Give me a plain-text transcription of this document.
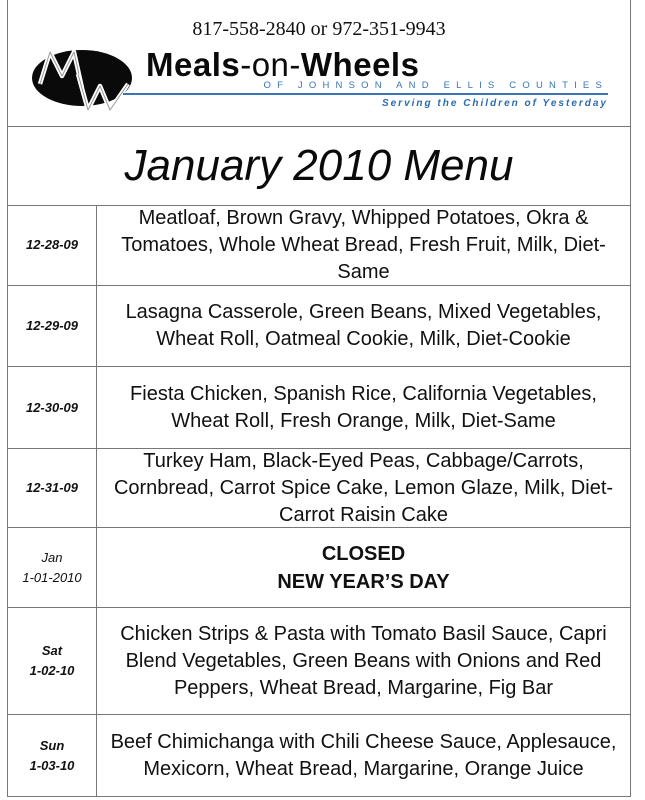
817-558-2840 or 972-351-9943
Meals-on-Wheels
OF JOHNSON AND ELLIS COUNTIES
Serving the Children of Yesterday
January 2010 Menu
12-28-09
Meatloaf, Brown Gravy, Whipped Potatoes, Okra & Tomatoes, Whole Wheat Bread, Fresh Fruit, Milk, Diet-Same
12-29-09
Lasagna Casserole, Green Beans, Mixed Vegetables, Wheat Roll, Oatmeal Cookie, Milk, Diet-Cookie
12-30-09
Fiesta Chicken, Spanish Rice, California Vegetables, Wheat Roll, Fresh Orange, Milk, Diet-Same
12-31-09
Turkey Ham, Black-Eyed Peas, Cabbage/Carrots, Cornbread, Carrot Spice Cake, Lemon Glaze, Milk, Diet-Carrot Raisin Cake
Jan
1-01-2010
CLOSED
NEW YEAR’S DAY
Sat
1-02-10
Chicken Strips & Pasta with Tomato Basil Sauce, Capri Blend Vegetables, Green Beans with Onions and Red Peppers, Wheat Bread, Margarine, Fig Bar
Sun
1-03-10
Beef Chimichanga with Chili Cheese Sauce, Applesauce, Mexicorn, Wheat Bread, Margarine, Orange Juice
